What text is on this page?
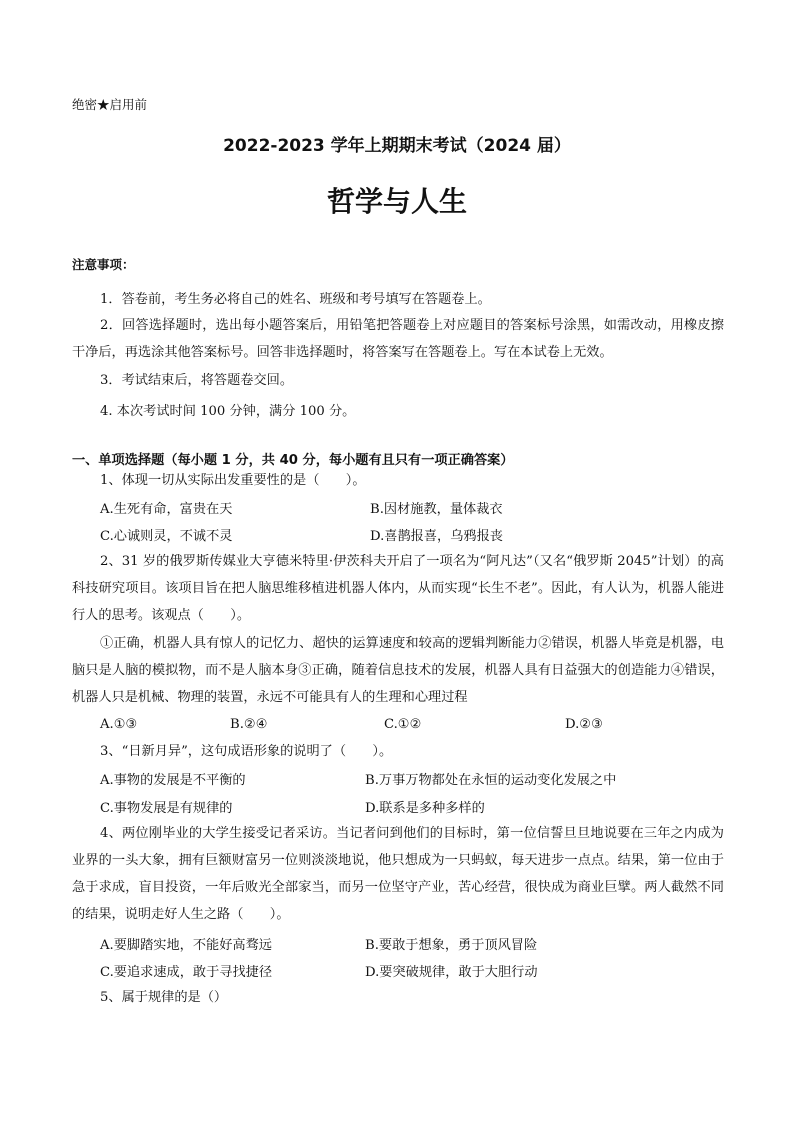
绝密★启用前
2022-2023 学年上期期末考试（2024 届）
哲学与人生
注意事项：
1．答卷前，考生务必将自己的姓名、班级和考号填写在答题卷上。
2．回答选择题时，选出每小题答案后，用铅笔把答题卷上对应题目的答案标号涂黑，如需改动，用橡皮擦干净后，再选涂其他答案标号。回答非选择题时，将答案写在答题卷上。写在本试卷上无效。
3．考试结束后，将答题卷交回。
4. 本次考试时间 100 分钟，满分 100 分。
一、单项选择题（每小题 1 分，共 40 分，每小题有且只有一项正确答案）
1、体现一切从实际出发重要性的是（　　）。
A.生死有命，富贵在天	B.因材施教，量体裁衣
C.心诚则灵，不诚不灵	D.喜鹊报喜，乌鸦报丧
2、31 岁的俄罗斯传媒业大亨德米特里·伊茨科夫开启了一项名为“阿凡达”（又名“俄罗斯 2045”计划）的高科技研究项目。该项目旨在把人脑思维移植进机器人体内，从而实现“长生不老”。因此，有人认为，机器人能进行人的思考。该观点（　　）。
①正确，机器人具有惊人的记忆力、超快的运算速度和较高的逻辑判断能力②错误，机器人毕竟是机器，电脑只是人脑的模拟物，而不是人脑本身③正确，随着信息技术的发展，机器人具有日益强大的创造能力④错误，机器人只是机械、物理的装置，永远不可能具有人的生理和心理过程
A.①③	B.②④	C.①②	D.②③
3、“日新月异”，这句成语形象的说明了（　　）。
A.事物的发展是不平衡的	B.万事万物都处在永恒的运动变化发展之中
C.事物发展是有规律的	D.联系是多种多样的
4、两位刚毕业的大学生接受记者采访。当记者问到他们的目标时，第一位信誓旦旦地说要在三年之内成为业界的一头大象，拥有巨额财富另一位则淡淡地说，他只想成为一只蚂蚁，每天进步一点点。结果，第一位由于急于求成，盲目投资，一年后败光全部家当，而另一位坚守产业，苦心经营，很快成为商业巨擘。两人截然不同的结果，说明走好人生之路（　　）。
A.要脚踏实地，不能好高骛远	B.要敢于想象，勇于顶风冒险
C.要追求速成，敢于寻找捷径	D.要突破规律，敢于大胆行动
5、属于规律的是（）
